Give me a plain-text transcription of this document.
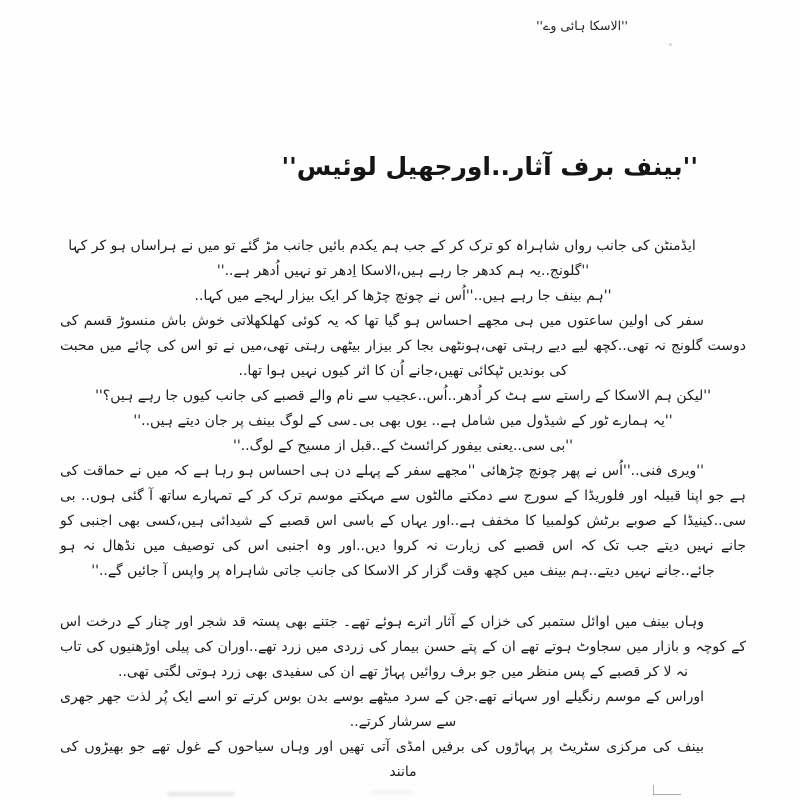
''الاسکا ہائی وے''
''بینف برف آثار..اورجھیل لوئیس''

ایڈمنٹن کی جانب رواں شاہراہ کو ترک کر کے جب ہم یکدم بائیں جانب مڑ گئے تو میں نے ہراساں ہو کر کہا

''گلونج..یہ ہم کدھر جا رہے ہیں،الاسکا اِدھر تو نہیں اُدھر ہے..''

''ہم بینف جا رہے ہیں..''اُس نے چونچ چڑھا کر ایک بیزار لہجے میں کہا..

سفر کی اولین ساعتوں میں ہی مجھے احساس ہو گیا تھا کہ یہ کوئی کھلکھلاتی خوش باش منسوڑ قسم کی دوست گلونج نہ تھی..کچھ لیے دیے رہتی تھی،ہونٹھی بجا کر بیزار بیٹھی رہتی تھی،میں نے تو اس کی چائے میں محبت کی بوندیں ٹپکائی تھیں،جانے اُن کا اثر کیوں نہیں ہوا تھا..

''لیکن ہم الاسکا کے راستے سے ہٹ کر اُدھر..اُس..عجیب سے نام والے قصبے کی جانب کیوں جا رہے ہیں؟''

''یہ ہمارے ٹور کے شیڈول میں شامل ہے.. یوں بھی بی۔سی کے لوگ بینف پر جان دیتے ہیں..''

''بی سی..یعنی بیفور کرائسٹ کے..قبل از مسیح کے لوگ..''

''ویری فنی..''اُس نے پھر چونچ چڑھائی ''مجھے سفر کے پہلے دن ہی احساس ہو رہا ہے کہ میں نے حماقت کی ہے جو اپنا قبیلہ اور فلوریڈا کے سورج سے دمکتے مالٹوں سے مہکتے موسم ترک کر کے تمہارے ساتھ آ گئی ہوں.. بی سی..کینیڈا کے صوبے برٹش کولمبیا کا مخفف ہے..اور یہاں کے باسی اس قصبے کے شیدائی ہیں،کسی بھی اجنبی کو جانے نہیں دیتے جب تک کہ اس قصبے کی زیارت نہ کروا دیں..اور وہ اجنبی اس کی توصیف میں نڈھال نہ ہو جائے..جانے نہیں دیتے..ہم بینف میں کچھ وقت گزار کر الاسکا کی جانب جاتی شاہراہ پر واپس آ جائیں گے..''

وہاں بینف میں اوائل ستمبر کی خزاں کے آثار اترے ہوئے تھے۔ جتنے بھی پستہ قد شجر اور چنار کے درخت اس کے کوچہ و بازار میں سجاوٹ ہوتے تھے ان کے پتے حسن بیمار کی زردی میں زرد تھے..اوران کی پیلی اوڑھنیوں کی تاب نہ لا کر قصبے کے پس منظر میں جو برف روائیں پہاڑ تھے ان کی سفیدی بھی زرد ہوتی لگتی تھی..

اوراس کے موسم رنگیلے اور سہانے تھے.جن کے سرد میٹھے بوسے بدن بوس کرتے تو اسے ایک پُر لذت جھر جھری سے سرشار کرتے..

بینف کی مرکزی سٹریٹ پر پہاڑوں کی برفیں امڈی آتی تھیں اور وہاں سیاحوں کے غول تھے جو بھیڑوں کی مانند
